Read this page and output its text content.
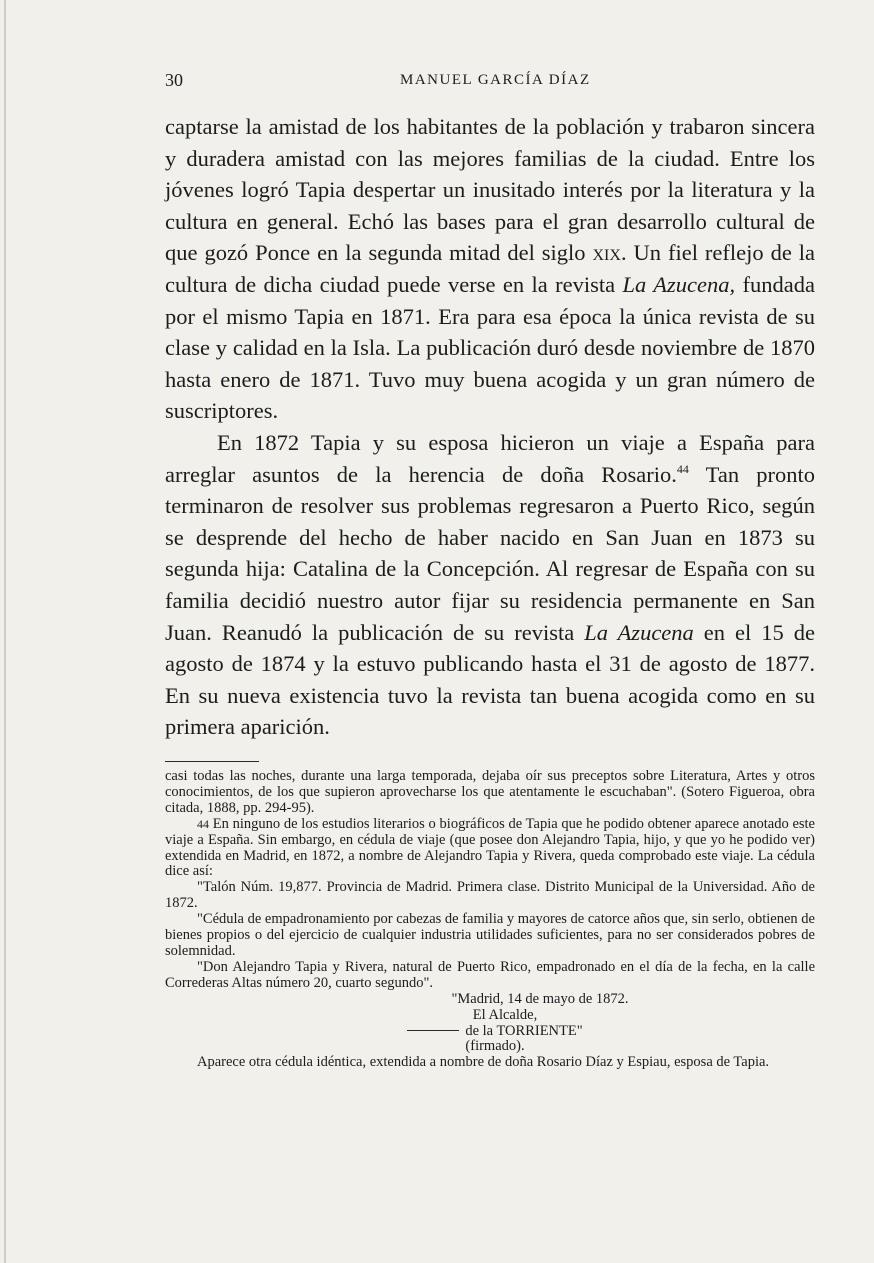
30	MANUEL GARCÍA DÍAZ

captarse la amistad de los habitantes de la población y trabaron sincera y duradera amistad con las mejores familias de la ciudad. Entre los jóvenes logró Tapia despertar un inusitado interés por la literatura y la cultura en general. Echó las bases para el gran desarrollo cultural de que gozó Ponce en la segunda mitad del siglo xix. Un fiel reflejo de la cultura de dicha ciudad puede verse en la revista La Azucena, fundada por el mismo Tapia en 1871. Era para esa época la única revista de su clase y calidad en la Isla. La publicación duró desde noviembre de 1870 hasta enero de 1871. Tuvo muy buena acogida y un gran número de suscriptores.

En 1872 Tapia y su esposa hicieron un viaje a España para arreglar asuntos de la herencia de doña Rosario.$^{44}$ Tan pronto terminaron de resolver sus problemas regresaron a Puerto Rico, según se desprende del hecho de haber nacido en San Juan en 1873 su segunda hija: Catalina de la Concepción. Al regresar de España con su familia decidió nuestro autor fijar su residencia permanente en San Juan. Reanudó la publicación de su revista La Azucena en el 15 de agosto de 1874 y la estuvo publicando hasta el 31 de agosto de 1877. En su nueva existencia tuvo la revista tan buena acogida como en su primera aparición.

casi todas las noches, durante una larga temporada, dejaba oír sus preceptos sobre Literatura, Artes y otros conocimientos, de los que supieron aprovecharse los que atentamente le escuchaban". (Sotero Figueroa, obra citada, 1888, pp. 294-95).

44 En ninguno de los estudios literarios o biográficos de Tapia que he podido obtener aparece anotado este viaje a España. Sin embargo, en cédula de viaje (que posee don Alejandro Tapia, hijo, y que yo he podido ver) extendida en Madrid, en 1872, a nombre de Alejandro Tapia y Rivera, queda comprobado este viaje. La cédula dice así:

"Talón Núm. 19,877. Provincia de Madrid. Primera clase. Distrito Municipal de la Universidad. Año de 1872.

"Cédula de empadronamiento por cabezas de familia y mayores de catorce años que, sin serlo, obtienen de bienes propios o del ejercicio de cualquier industria utilidades suficientes, para no ser considerados pobres de solemnidad.

"Don Alejandro Tapia y Rivera, natural de Puerto Rico, empadronado en el día de la fecha, en la calle Correderas Altas número 20, cuarto segundo".

"Madrid, 14 de mayo de 1872.

El Alcalde,

de la TORRIENTE"

(firmado).

Aparece otra cédula idéntica, extendida a nombre de doña Rosario Díaz y Espiau, esposa de Tapia.
